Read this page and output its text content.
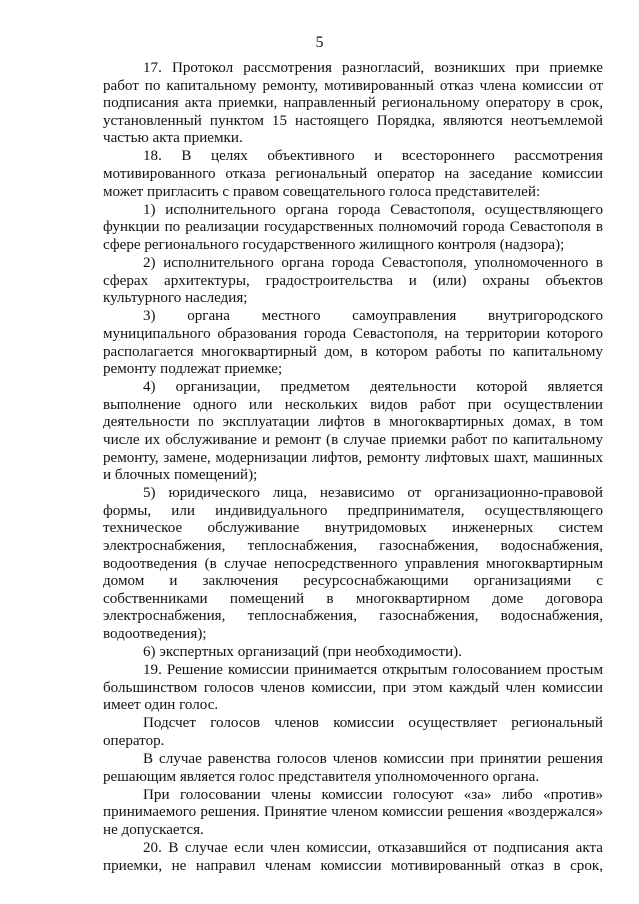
5

17. Протокол рассмотрения разногласий, возникших при приемке работ по капитальному ремонту, мотивированный отказ члена комиссии от подписания акта приемки, направленный региональному оператору в срок, установленный пунктом 15 настоящего Порядка, являются неотъемлемой частью акта приемки.

18. В целях объективного и всестороннего рассмотрения мотивированного отказа региональный оператор на заседание комиссии может пригласить с правом совещательного голоса представителей:

1) исполнительного органа города Севастополя, осуществляющего функции по реализации государственных полномочий города Севастополя в сфере регионального государственного жилищного контроля (надзора);

2) исполнительного органа города Севастополя, уполномоченного в сферах архитектуры, градостроительства и (или) охраны объектов культурного наследия;

3) органа местного самоуправления внутригородского муниципального образования города Севастополя, на территории которого располагается многоквартирный дом, в котором работы по капитальному ремонту подлежат приемке;

4) организации, предметом деятельности которой является выполнение одного или нескольких видов работ при осуществлении деятельности по эксплуатации лифтов в многоквартирных домах, в том числе их обслуживание и ремонт (в случае приемки работ по капитальному ремонту, замене, модернизации лифтов, ремонту лифтовых шахт, машинных и блочных помещений);

5) юридического лица, независимо от организационно-правовой формы, или индивидуального предпринимателя, осуществляющего техническое обслуживание внутридомовых инженерных систем электроснабжения, теплоснабжения, газоснабжения, водоснабжения, водоотведения (в случае непосредственного управления многоквартирным домом и заключения ресурсоснабжающими организациями с собственниками помещений в многоквартирном доме договора электроснабжения, теплоснабжения, газоснабжения, водоснабжения, водоотведения);

6) экспертных организаций (при необходимости).

19. Решение комиссии принимается открытым голосованием простым большинством голосов членов комиссии, при этом каждый член комиссии имеет один голос.

Подсчет голосов членов комиссии осуществляет региональный оператор.

В случае равенства голосов членов комиссии при принятии решения решающим является голос представителя уполномоченного органа.

При голосовании члены комиссии голосуют «за» либо «против» принимаемого решения. Принятие членом комиссии решения «воздержался» не допускается.

20. В случае если член комиссии, отказавшийся от подписания акта приемки, не направил членам комиссии мотивированный отказ в срок,
